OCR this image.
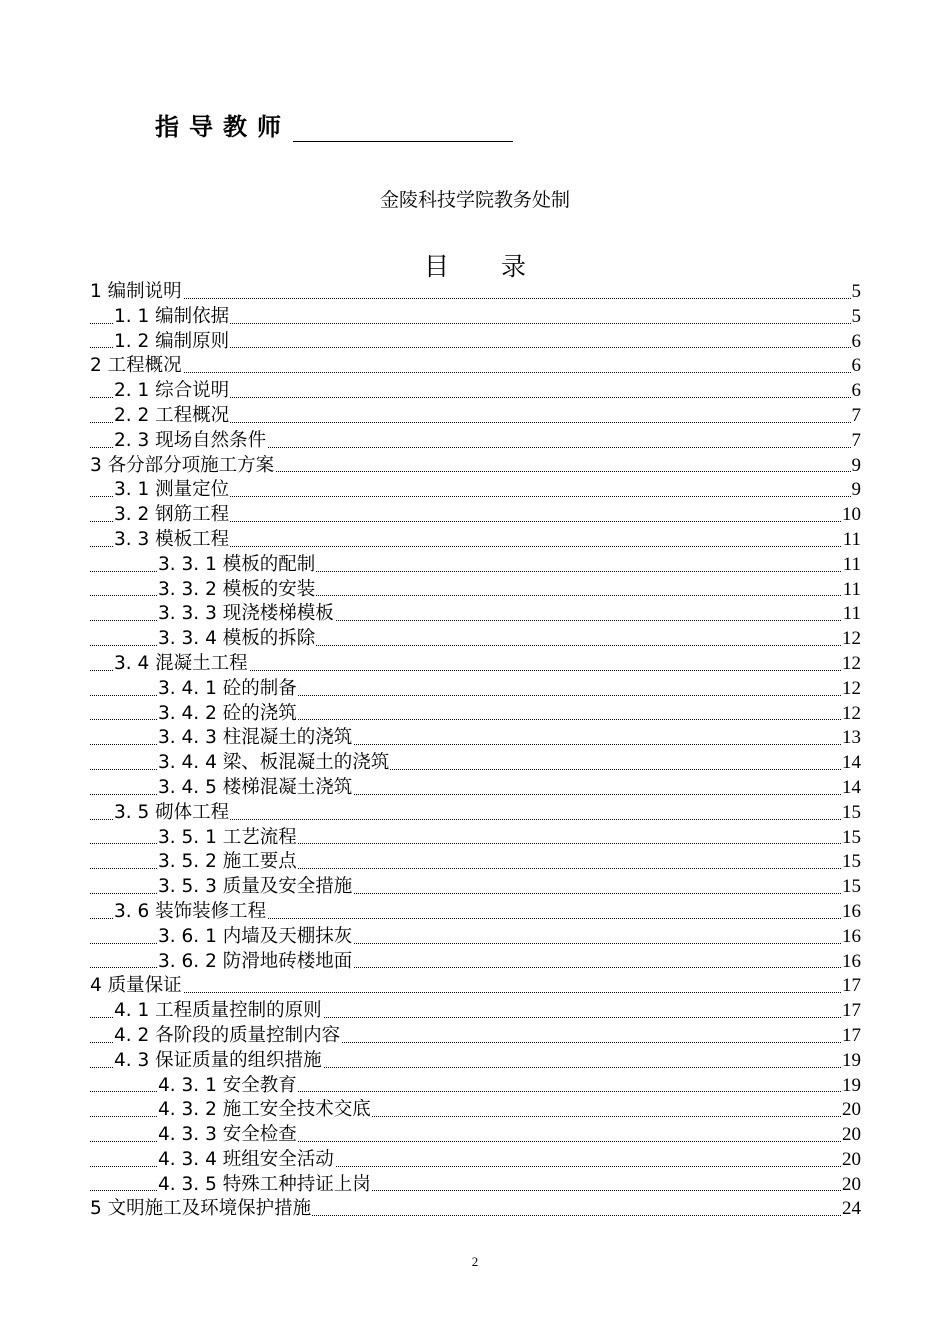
指导教师
金陵科技学院教务处制
目 录
1 编制说明	5
1. 1 编制依据	5
1. 2 编制原则	6
2 工程概况	6
2. 1 综合说明	6
2. 2 工程概况	7
2. 3 现场自然条件	7
3 各分部分项施工方案	9
3. 1 测量定位	9
3. 2 钢筋工程	10
3. 3 模板工程	11
3. 3. 1 模板的配制	11
3. 3. 2 模板的安装	11
3. 3. 3 现浇楼梯模板	11
3. 3. 4 模板的拆除	12
3. 4 混凝土工程	12
3. 4. 1 砼的制备	12
3. 4. 2 砼的浇筑	12
3. 4. 3 柱混凝土的浇筑	13
3. 4. 4 梁、板混凝土的浇筑	14
3. 4. 5 楼梯混凝土浇筑	14
3. 5 砌体工程	15
3. 5. 1 工艺流程	15
3. 5. 2 施工要点	15
3. 5. 3 质量及安全措施	15
3. 6 装饰装修工程	16
3. 6. 1 内墙及天棚抹灰	16
3. 6. 2 防滑地砖楼地面	16
4 质量保证	17
4. 1 工程质量控制的原则	17
4. 2 各阶段的质量控制内容	17
4. 3 保证质量的组织措施	19
4. 3. 1 安全教育	19
4. 3. 2 施工安全技术交底	20
4. 3. 3 安全检查	20
4. 3. 4 班组安全活动	20
4. 3. 5 特殊工种持证上岗	20
5 文明施工及环境保护措施	24
2
